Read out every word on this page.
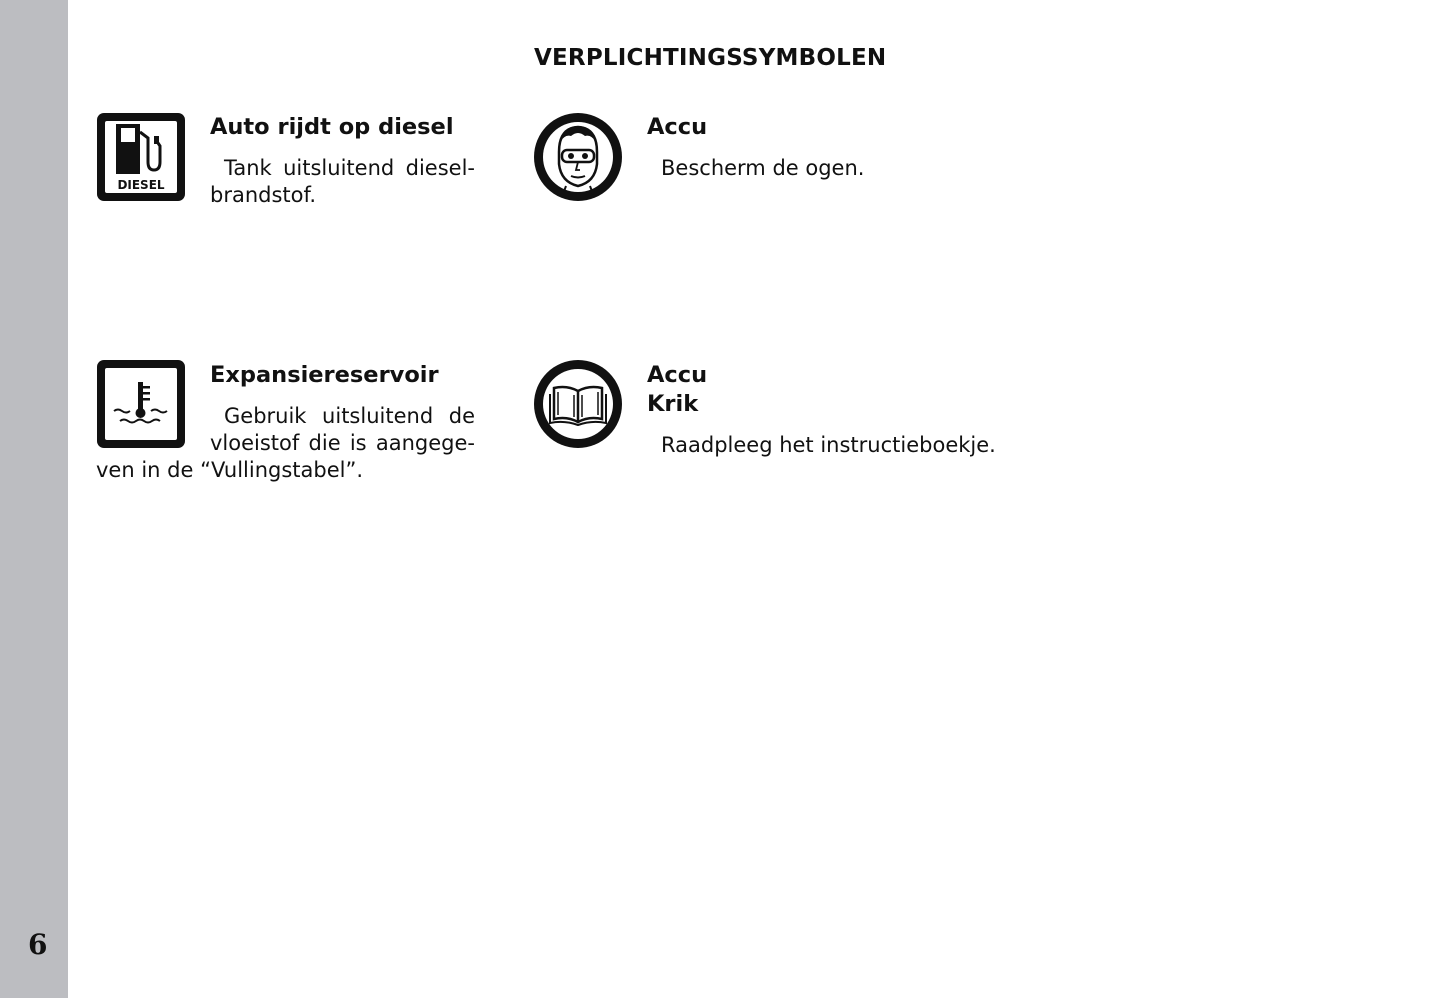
6
VERPLICHTINGSSYMBOLEN
DIESEL
Auto rijdt op diesel
Tank uitsluitend diesel-
brandstof.
Accu
Bescherm de ogen.
Expansiereservoir
Gebruik uitsluitend de
vloeistof die is aangege-
ven in de “Vullingstabel”.
Accu
Krik
Raadpleeg het instructieboekje.
